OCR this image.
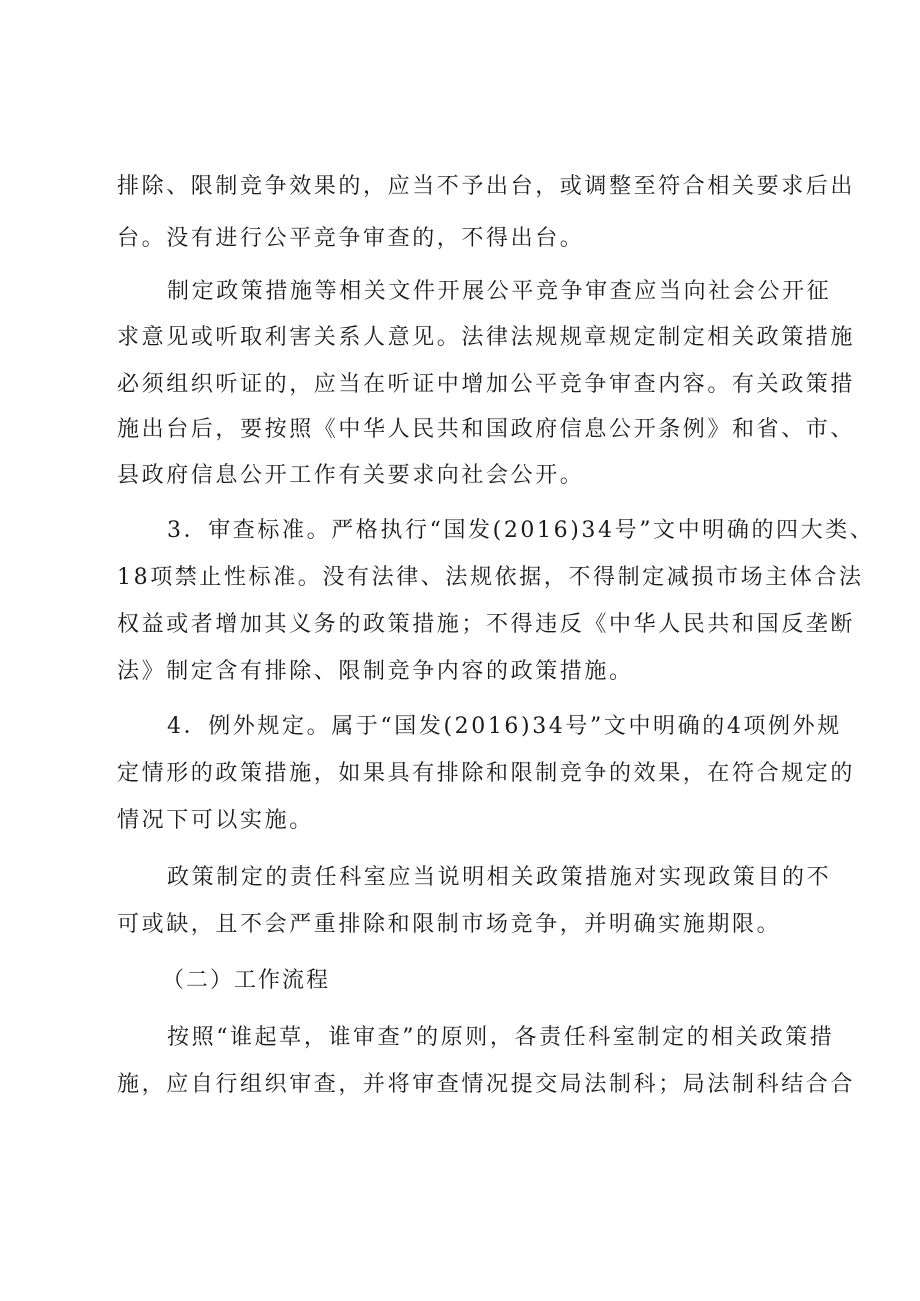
排除、限制竞争效果的，应当不予出台，或调整至符合相关要求后出
台。没有进行公平竞争审查的，不得出台。
制定政策措施等相关文件开展公平竞争审查应当向社会公开征
求意见或听取利害关系人意见。法律法规规章规定制定相关政策措施
必须组织听证的，应当在听证中增加公平竞争审查内容。有关政策措
施出台后，要按照《中华人民共和国政府信息公开条例》和省、市、
县政府信息公开工作有关要求向社会公开。
3．审查标准。严格执行“国发(2016)34号”文中明确的四大类、
18项禁止性标准。没有法律、法规依据，不得制定减损市场主体合法
权益或者增加其义务的政策措施；不得违反《中华人民共和国反垄断
法》制定含有排除、限制竞争内容的政策措施。
4．例外规定。属于“国发(2016)34号”文中明确的4项例外规
定情形的政策措施，如果具有排除和限制竞争的效果，在符合规定的
情况下可以实施。
政策制定的责任科室应当说明相关政策措施对实现政策目的不
可或缺，且不会严重排除和限制市场竞争，并明确实施期限。
（二）工作流程
按照“谁起草，谁审查”的原则，各责任科室制定的相关政策措
施，应自行组织审查，并将审查情况提交局法制科；局法制科结合合
